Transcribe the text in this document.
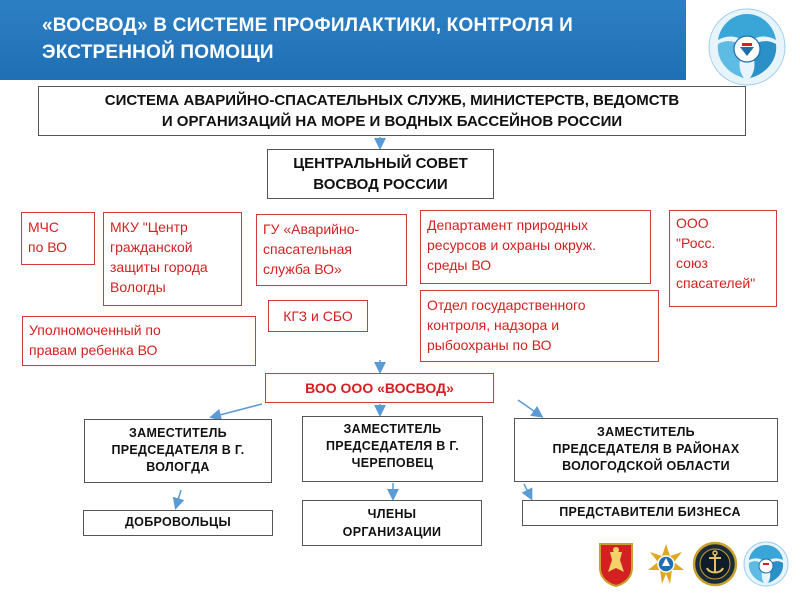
«ВОСВОД» В СИСТЕМЕ ПРОФИЛАКТИКИ, КОНТРОЛЯ И
ЭКСТРЕННОЙ ПОМОЩИ
СИСТЕМА АВАРИЙНО-СПАСАТЕЛЬНЫХ СЛУЖБ, МИНИСТЕРСТВ, ВЕДОМСТВ
И ОРГАНИЗАЦИЙ НА МОРЕ И ВОДНЫХ БАССЕЙНОВ РОССИИ
ЦЕНТРАЛЬНЫЙ СОВЕТ
ВОСВОД РОССИИ
МЧС
по ВО
МКУ "Центр
гражданской
защиты города
Вологды
ГУ «Аварийно-
спасательная
служба ВО»
Департамент природных
ресурсов и охраны окруж.
среды ВО
ООО
"Росс.
союз
спасателей"
КГЗ и СБО
Отдел государственного
контроля, надзора и
рыбоохраны по ВО
Уполномоченный по
правам ребенка ВО
ВОО ООО «ВОСВОД»
ЗАМЕСТИТЕЛЬ
ПРЕДСЕДАТЕЛЯ В Г.
ВОЛОГДА
ЗАМЕСТИТЕЛЬ
ПРЕДСЕДАТЕЛЯ В Г.
ЧЕРЕПОВЕЦ
ЗАМЕСТИТЕЛЬ
ПРЕДСЕДАТЕЛЯ В РАЙОНАХ
ВОЛОГОДСКОЙ ОБЛАСТИ
ДОБРОВОЛЬЦЫ
ЧЛЕНЫ
ОРГАНИЗАЦИИ
ПРЕДСТАВИТЕЛИ БИЗНЕСА
